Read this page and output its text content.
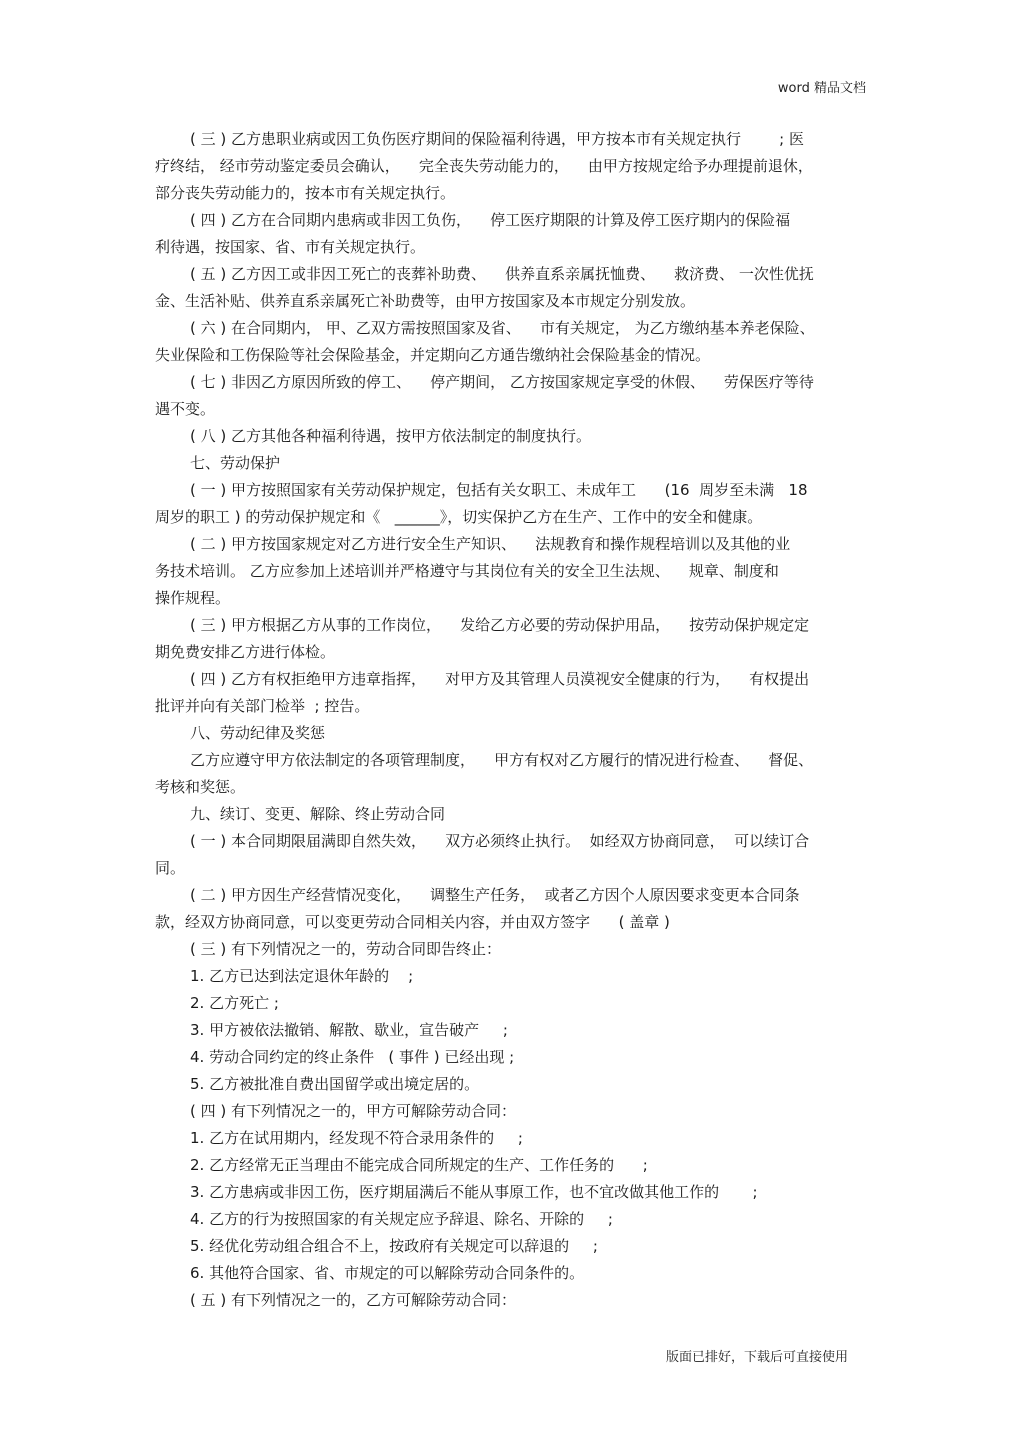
word 精品文档
( 三 ) 乙方患职业病或因工负伤医疗期间的保险福利待遇，甲方按本市有关规定执行        ; 医
疗终结， 经市劳动鉴定委员会确认，    完全丧失劳动能力的，    由甲方按规定给予办理提前退休，
部分丧失劳动能力的，按本市有关规定执行。
( 四 ) 乙方在合同期内患病或非因工负伤，    停工医疗期限的计算及停工医疗期内的保险福
利待遇，按国家、省、市有关规定执行。
( 五 ) 乙方因工或非因工死亡的丧葬补助费、    供养直系亲属抚恤费、    救济费、 一次性优抚
金、生活补贴、供养直系亲属死亡补助费等，由甲方按国家及本市规定分别发放。
( 六 ) 在合同期内， 甲、乙双方需按照国家及省、    市有关规定， 为乙方缴纳基本养老保险、
失业保险和工伤保险等社会保险基金，并定期向乙方通告缴纳社会保险基金的情况。
( 七 ) 非因乙方原因所致的停工、    停产期间， 乙方按国家规定享受的休假、    劳保医疗等待
遇不变。
( 八 ) 乙方其他各种福利待遇，按甲方依法制定的制度执行。
七、劳动保护
( 一 ) 甲方按照国家有关劳动保护规定，包括有关女职工、未成年工      (16  周岁至未满   18
周岁的职工 ) 的劳动保护规定和《   ______》，切实保护乙方在生产、工作中的安全和健康。
( 二 ) 甲方按国家规定对乙方进行安全生产知识、    法规教育和操作规程培训以及其他的业
务技术培训。 乙方应参加上述培训并严格遵守与其岗位有关的安全卫生法规、    规章、制度和
操作规程。
( 三 ) 甲方根据乙方从事的工作岗位，    发给乙方必要的劳动保护用品，    按劳动保护规定定
期免费安排乙方进行体检。
( 四 ) 乙方有权拒绝甲方违章指挥，    对甲方及其管理人员漠视安全健康的行为，    有权提出
批评并向有关部门检举  ; 控告。
八、劳动纪律及奖惩
乙方应遵守甲方依法制定的各项管理制度，    甲方有权对乙方履行的情况进行检查、    督促、
考核和奖惩。
九、续订、变更、解除、终止劳动合同
( 一 ) 本合同期限届满即自然失效，    双方必须终止执行。  如经双方协商同意，  可以续订合
同。
( 二 ) 甲方因生产经营情况变化，    调整生产任务，  或者乙方因个人原因要求变更本合同条
款，经双方协商同意，可以变更劳动合同相关内容，并由双方签字      ( 盖章 )
( 三 ) 有下列情况之一的，劳动合同即告终止：
1. 乙方已达到法定退休年龄的    ;
2. 乙方死亡 ;
3. 甲方被依法撤销、解散、歇业，宣告破产     ;
4. 劳动合同约定的终止条件   ( 事件 ) 已经出现 ;
5. 乙方被批准自费出国留学或出境定居的。
( 四 ) 有下列情况之一的，甲方可解除劳动合同：
1. 乙方在试用期内，经发现不符合录用条件的     ;
2. 乙方经常无正当理由不能完成合同所规定的生产、工作任务的      ;
3. 乙方患病或非因工伤，医疗期届满后不能从事原工作，也不宜改做其他工作的       ;
4. 乙方的行为按照国家的有关规定应予辞退、除名、开除的     ;
5. 经优化劳动组合组合不上，按政府有关规定可以辞退的     ;
6. 其他符合国家、省、市规定的可以解除劳动合同条件的。
( 五 ) 有下列情况之一的，乙方可解除劳动合同：
版面已排好，下载后可直接使用
